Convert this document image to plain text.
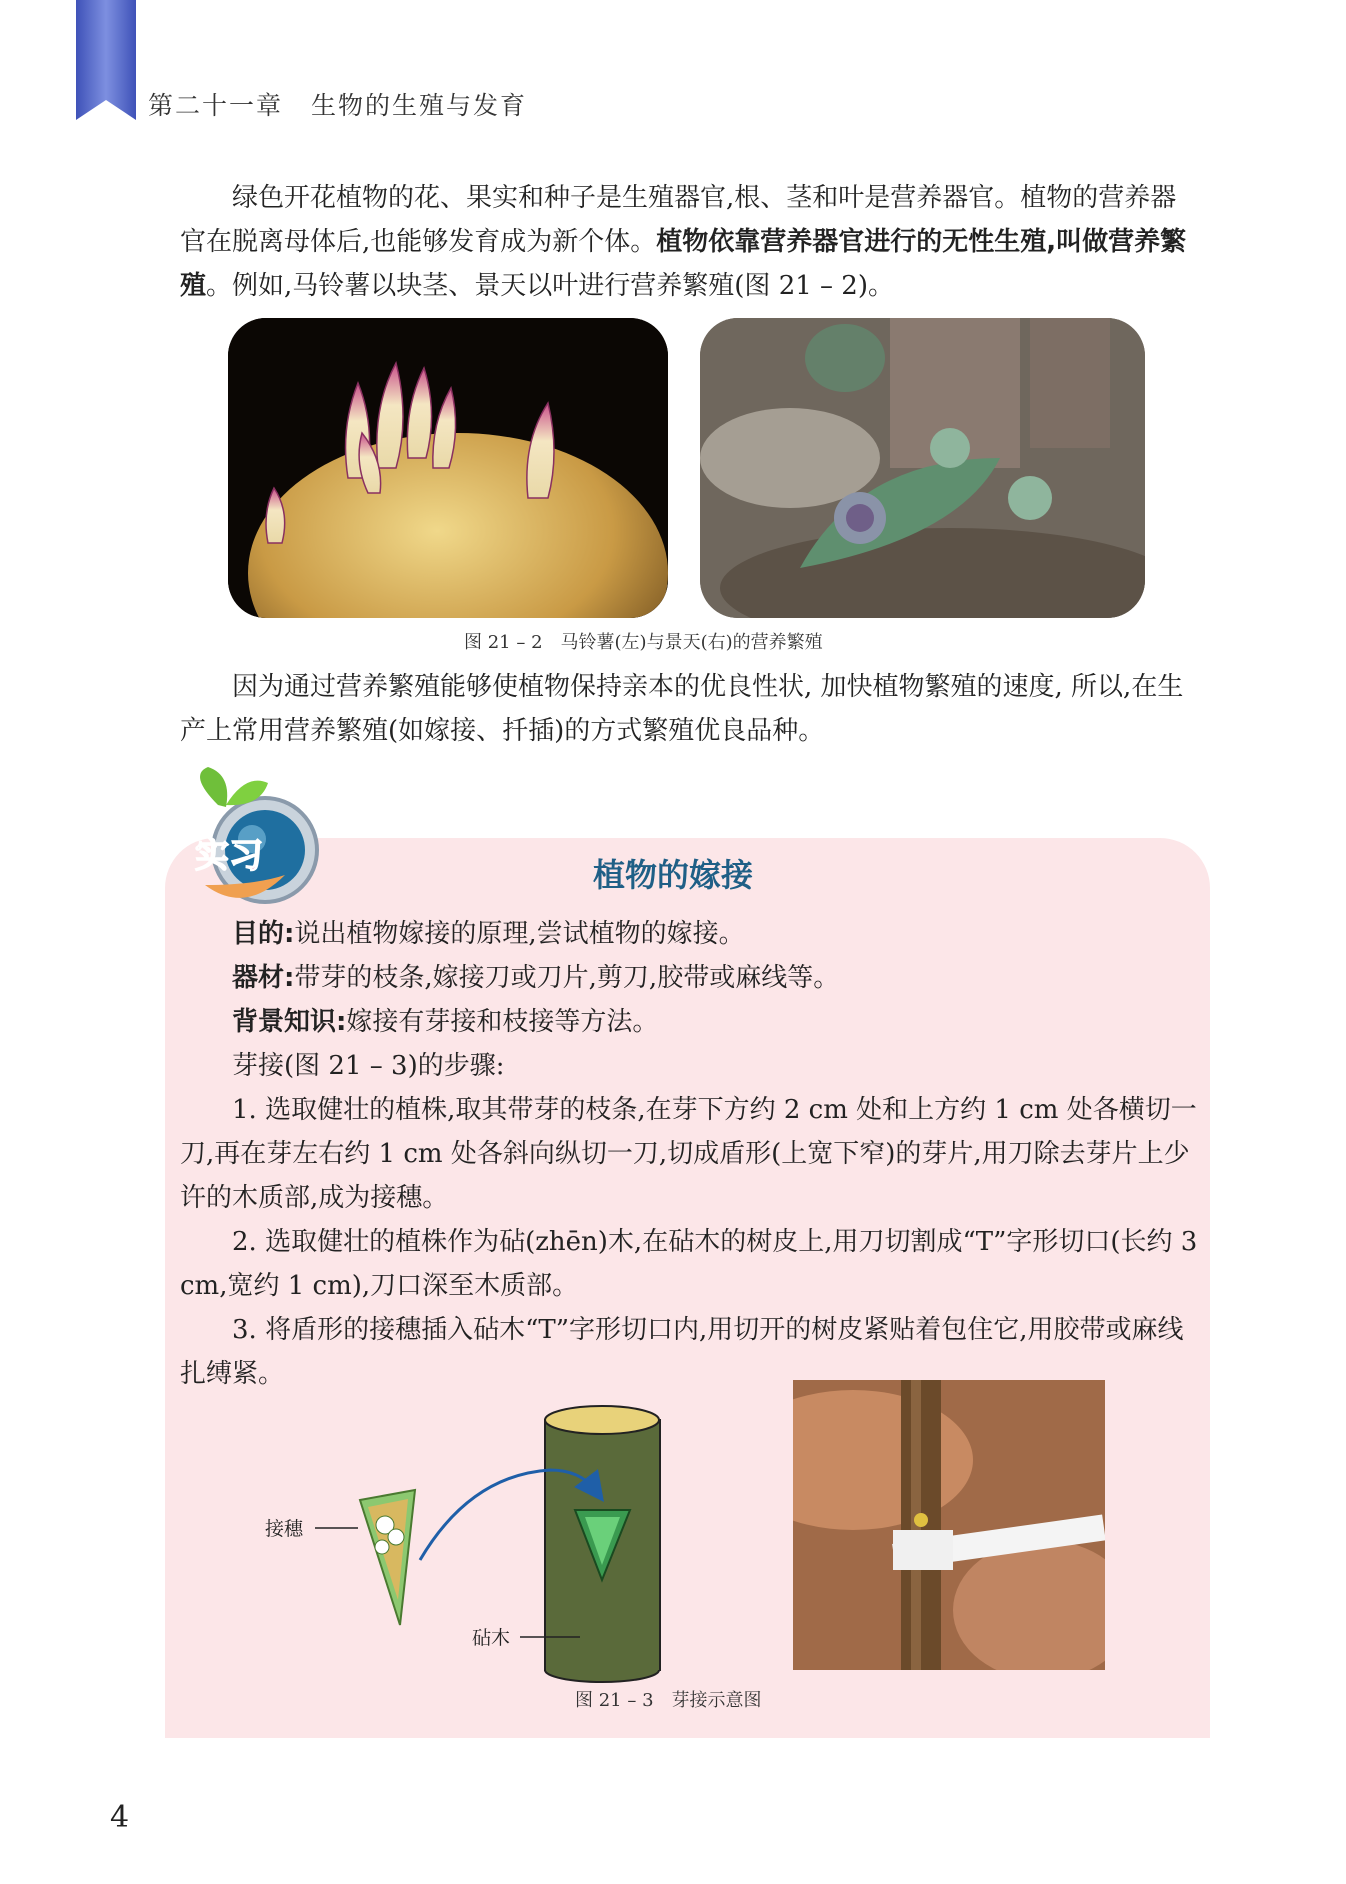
第二十一章 生物的生殖与发育
绿色开花植物的花、果实和种子是生殖器官,根、茎和叶是营养器官。植物的营养器官在脱离母体后,也能够发育成为新个体。植物依靠营养器官进行的无性生殖,叫做营养繁殖。例如,马铃薯以块茎、景天以叶进行营养繁殖(图 21 – 2)。
图 21 – 2　马铃薯(左)与景天(右)的营养繁殖
因为通过营养繁殖能够使植物保持亲本的优良性状, 加快植物繁殖的速度, 所以,在生产上常用营养繁殖(如嫁接、扦插)的方式繁殖优良品种。
实习	植物的嫁接

目的:说出植物嫁接的原理,尝试植物的嫁接。

器材:带芽的枝条,嫁接刀或刀片,剪刀,胶带或麻线等。

背景知识:嫁接有芽接和枝接等方法。

芽接(图 21 – 3)的步骤:

1. 选取健壮的植株,取其带芽的枝条,在芽下方约 2 cm 处和上方约 1 cm 处各横切一刀,再在芽左右约 1 cm 处各斜向纵切一刀,切成盾形(上宽下窄)的芽片,用刀除去芽片上少许的木质部,成为接穗。

2. 选取健壮的植株作为砧(zhēn)木,在砧木的树皮上,用刀切割成“T”字形切口(长约 3 cm,宽约 1 cm),刀口深至木质部。

3. 将盾形的接穗插入砧木“T”字形切口内,用切开的树皮紧贴着包住它,用胶带或麻线扎缚紧。

接穗
砧木
图 21 – 3　芽接示意图
4
